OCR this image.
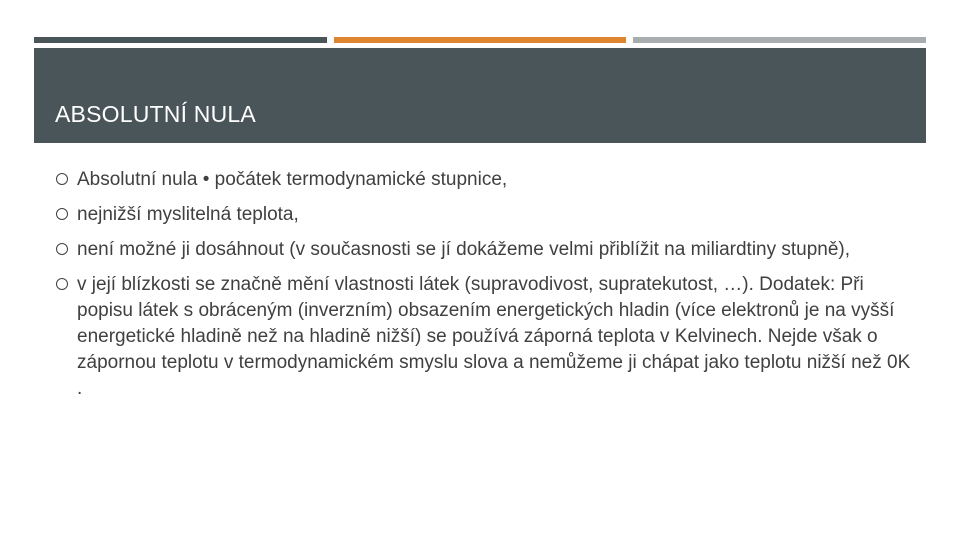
ABSOLUTNÍ NULA
Absolutní nula • počátek termodynamické stupnice,
nejnižší myslitelná teplota,
není možné ji dosáhnout (v současnosti se jí dokážeme velmi přiblížit na miliardtiny stupně),
v její blízkosti se značně mění vlastnosti látek (supravodivost, supratekutost, …). Dodatek: Při popisu látek s obráceným (inverzním) obsazením energetických hladin (více elektronů je na vyšší energetické hladině než na hladině nižší) se používá záporná teplota v Kelvinech. Nejde však o zápornou teplotu v termodynamickém smyslu slova a nemůžeme ji chápat jako teplotu nižší než 0K .
